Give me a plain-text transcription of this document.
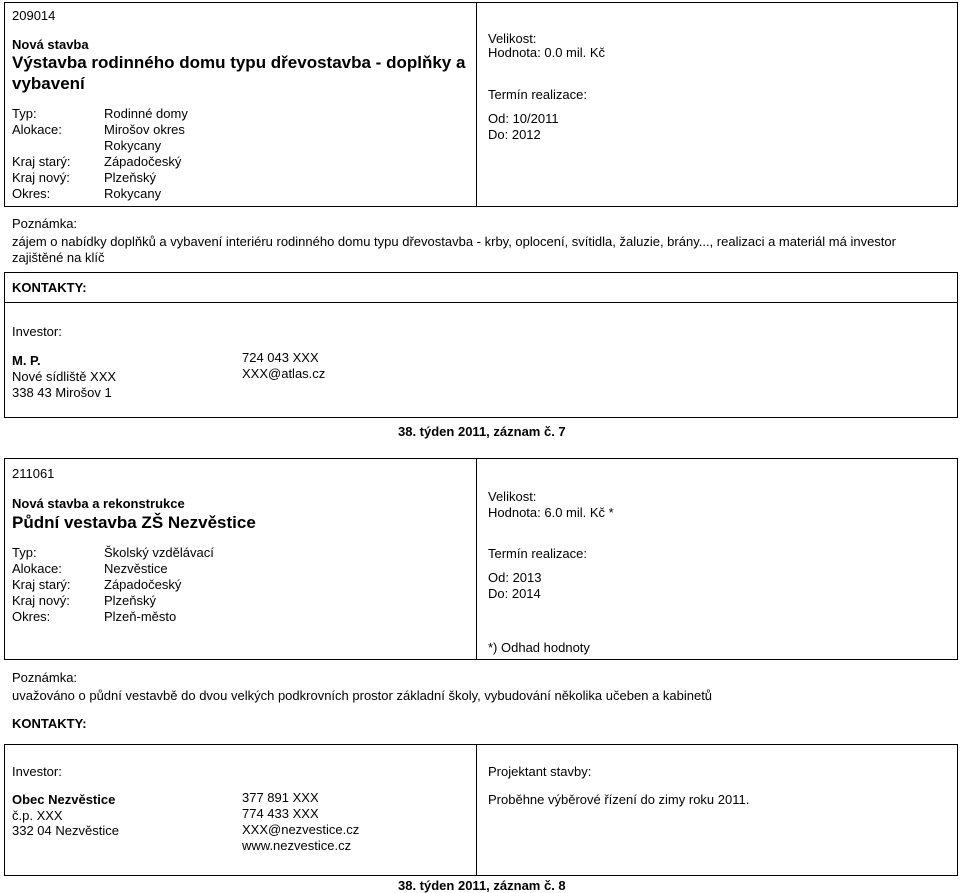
209014
Nová stavba
Výstavba rodinného domu typu dřevostavba - doplňky a vybavení
Typ:	Rodinné domy
Alokace:	Mirošov okres
Rokycany
Kraj starý:	Západočeský
Kraj nový:	Plzeňský
Okres:	Rokycany
Velikost:
Hodnota: 0.0 mil. Kč
Termín realizace:
Od: 10/2011
Do: 2012
Poznámka:
zájem o nabídky doplňků a vybavení interiéru rodinného domu typu dřevostavba - krby, oplocení, svítidla, žaluzie, brány..., realizaci a materiál má investor
zajištěné na klíč
KONTAKTY:
Investor:
M. P.
Nové sídliště XXX
338 43 Mirošov 1
724 043 XXX
XXX@atlas.cz
38. týden 2011, záznam č. 7
211061
Nová stavba a rekonstrukce
Půdní vestavba ZŠ Nezvěstice
Typ:	Školský vzdělávací
Alokace:	Nezvěstice
Kraj starý:	Západočeský
Kraj nový:	Plzeňský
Okres:	Plzeň-město
Velikost:
Hodnota: 6.0 mil. Kč *
Termín realizace:
Od: 2013
Do: 2014
*) Odhad hodnoty
Poznámka:
uvažováno o půdní vestavbě do dvou velkých podkrovních prostor základní školy, vybudování několika učeben a kabinetů
KONTAKTY:
Investor:
Obec Nezvěstice
č.p. XXX
332 04 Nezvěstice
377 891 XXX
774 433 XXX
XXX@nezvestice.cz
www.nezvestice.cz
Projektant stavby:
Proběhne výběrové řízení do zimy roku 2011.
38. týden 2011, záznam č. 8
